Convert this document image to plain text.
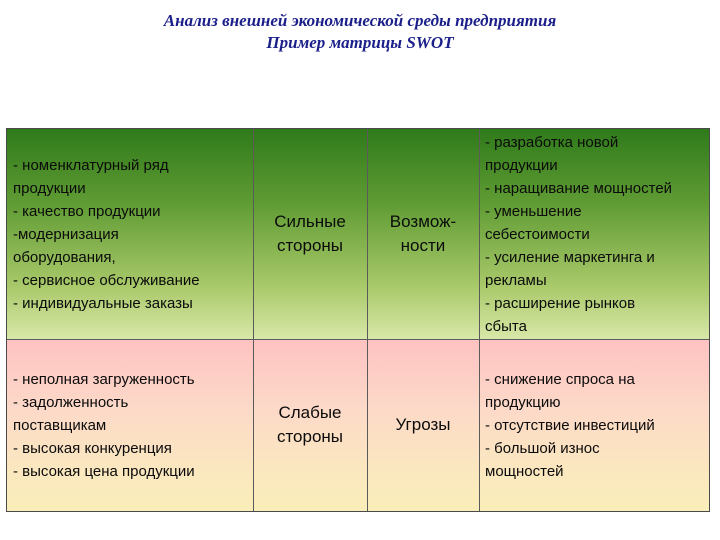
Анализ внешней экономической среды предприятия
Пример матрицы SWOT
- номенклатурный ряд
продукции
- качество продукции
-модернизация
оборудования,
- сервисное обслуживание
- индивидуальные заказы
Сильные
стороны
Возмож-
ности
- разработка новой
продукции
- наращивание мощностей
- уменьшение
себестоимости
- усиление маркетинга и
рекламы
- расширение рынков
сбыта
- неполная загруженность
- задолженность
поставщикам
- высокая конкуренция
- высокая цена продукции
Слабые
стороны
Угрозы
- снижение спроса на
продукцию
- отсутствие инвестиций
- большой износ
мощностей
